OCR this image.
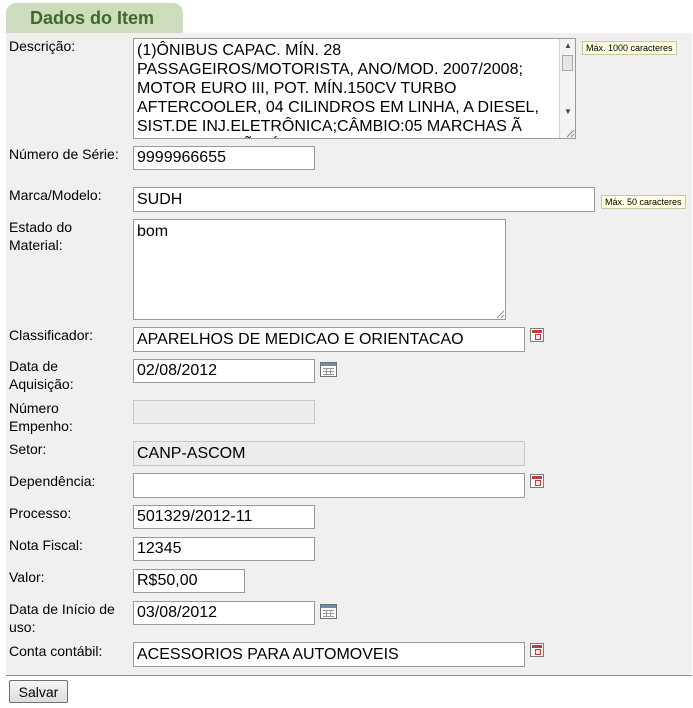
Dados do Item
Descrição:
(1)ÔNIBUS CAPAC. MÍN. 28 PASSAGEIROS/MOTORISTA, ANO/MOD. 2007/2008; MOTOR EURO III, POT. MÍN.150CV TURBO AFTERCOOLER, 04 CILINDROS EM LINHA, A DIESEL, SIST.DE INJ.ELETRÔNICA;CÂMBIO:05 MARCHAS Ã FRENTE E 01 Ã RÉ; EMBREAGEM	▲
▼
Máx. 1000 caracteres
Número de Série:
9999966655
Marca/Modelo:
SUDH	Máx. 50 caracteres
Estado do Material:
bom
Classificador:
APARELHOS DE MEDICAO E ORIENTACAO
Data de Aquisição:
02/08/2012
Número Empenho:
Setor:
CANP-ASCOM
Dependência:
Processo:
501329/2012-11
Nota Fiscal:
12345
Valor:
R$50,00
Data de Início de uso:
03/08/2012
Conta contábil:
ACESSORIOS PARA AUTOMOVEIS
Salvar
